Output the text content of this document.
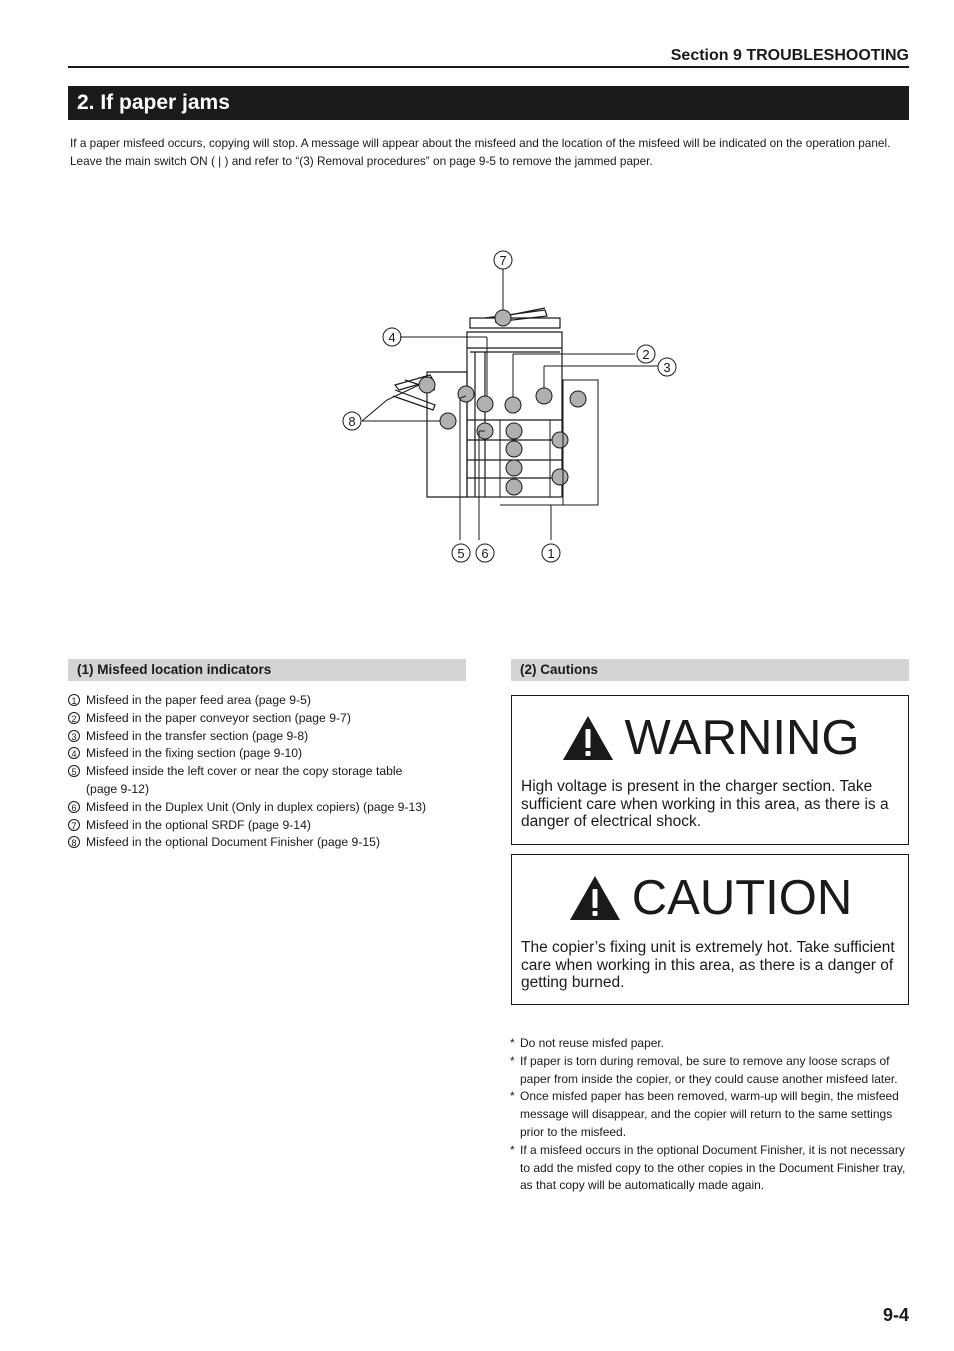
Section 9 TROUBLESHOOTING
2. If paper jams
If a paper misfeed occurs, copying will stop. A message will appear about the misfeed and the location of the misfeed will be indicated on the operation panel. Leave the main switch ON ( | ) and refer to “(3) Removal procedures” on page 9-5 to remove the jammed paper.
7
4
2
3
8
5 6	1
(1) Misfeed location indicators
1 Misfeed in the paper feed area (page 9-5)
2 Misfeed in the paper conveyor section (page 9-7)
3 Misfeed in the transfer section (page 9-8)
4 Misfeed in the fixing section (page 9-10)
5 Misfeed inside the left cover or near the copy storage table (page 9-12)
6 Misfeed in the Duplex Unit (Only in duplex copiers) (page 9-13)
7 Misfeed in the optional SRDF (page 9-14)
8 Misfeed in the optional Document Finisher (page 9-15)
(2) Cautions
WARNING
High voltage is present in the charger section. Take sufficient care when working in this area, as there is a danger of electrical shock.
CAUTION
The copier’s fixing unit is extremely hot. Take sufficient care when working in this area, as there is a danger of getting burned.
* Do not reuse misfed paper.
* If paper is torn during removal, be sure to remove any loose scraps of paper from inside the copier, or they could cause another misfeed later.
* Once misfed paper has been removed, warm-up will begin, the misfeed message will disappear, and the copier will return to the same settings prior to the misfeed.
* If a misfeed occurs in the optional Document Finisher, it is not necessary to add the misfed copy to the other copies in the Document Finisher tray, as that copy will be automatically made again.
9-4
